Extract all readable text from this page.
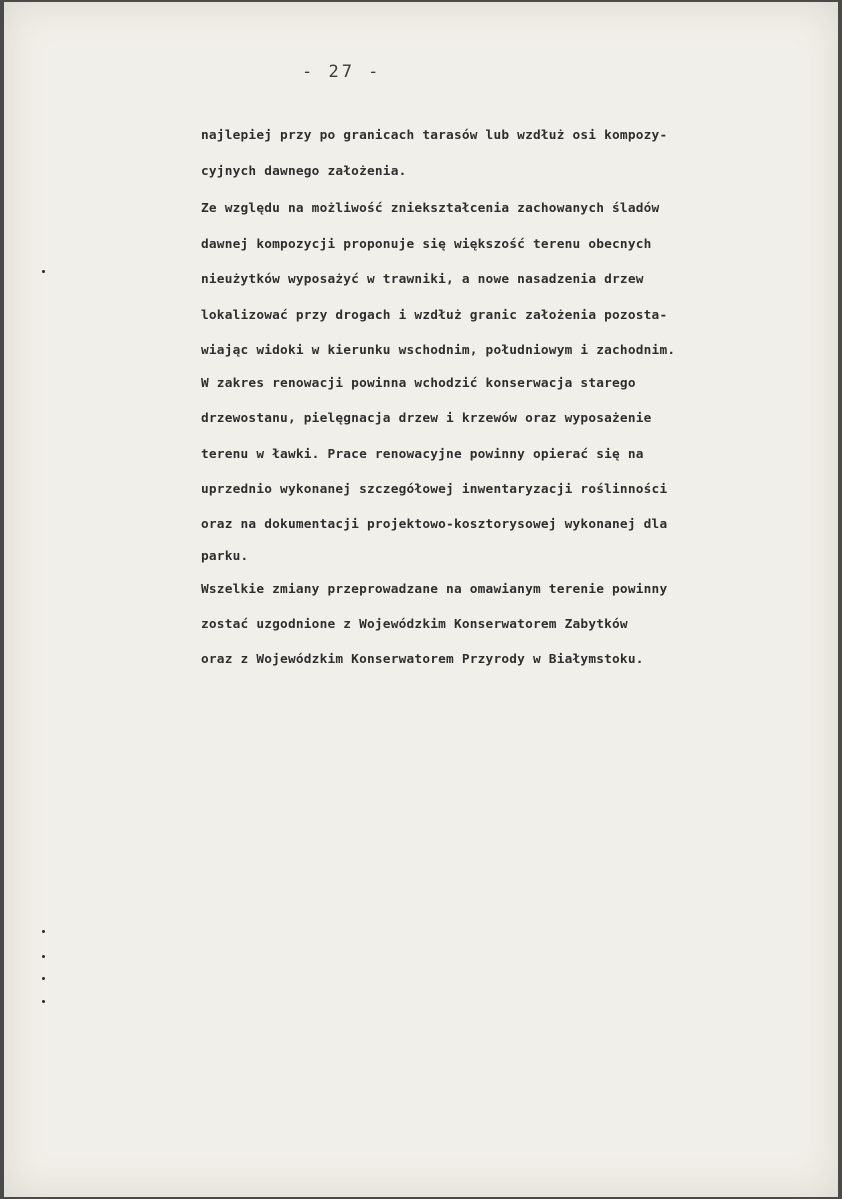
- 27 -
najlepiej przy po granicach tarasów lub wzdłuż osi kompozy-
cyjnych dawnego założenia.
Ze względu na możliwość zniekształcenia zachowanych śladów
dawnej kompozycji proponuje się większość terenu obecnych
nieużytków wyposażyć w trawniki, a nowe nasadzenia drzew
lokalizować przy drogach i wzdłuż granic założenia pozosta-
wiając widoki w kierunku wschodnim, południowym i zachodnim.
W zakres renowacji powinna wchodzić konserwacja starego
drzewostanu, pielęgnacja drzew i krzewów oraz wyposażenie
terenu w ławki. Prace renowacyjne powinny opierać się na
uprzednio wykonanej szczegółowej inwentaryzacji roślinności
oraz na dokumentacji projektowo-kosztorysowej wykonanej dla
parku.
Wszelkie zmiany przeprowadzane na omawianym terenie powinny
zostać uzgodnione z Wojewódzkim Konserwatorem Zabytków
oraz z Wojewódzkim Konserwatorem Przyrody w Białymstoku.
